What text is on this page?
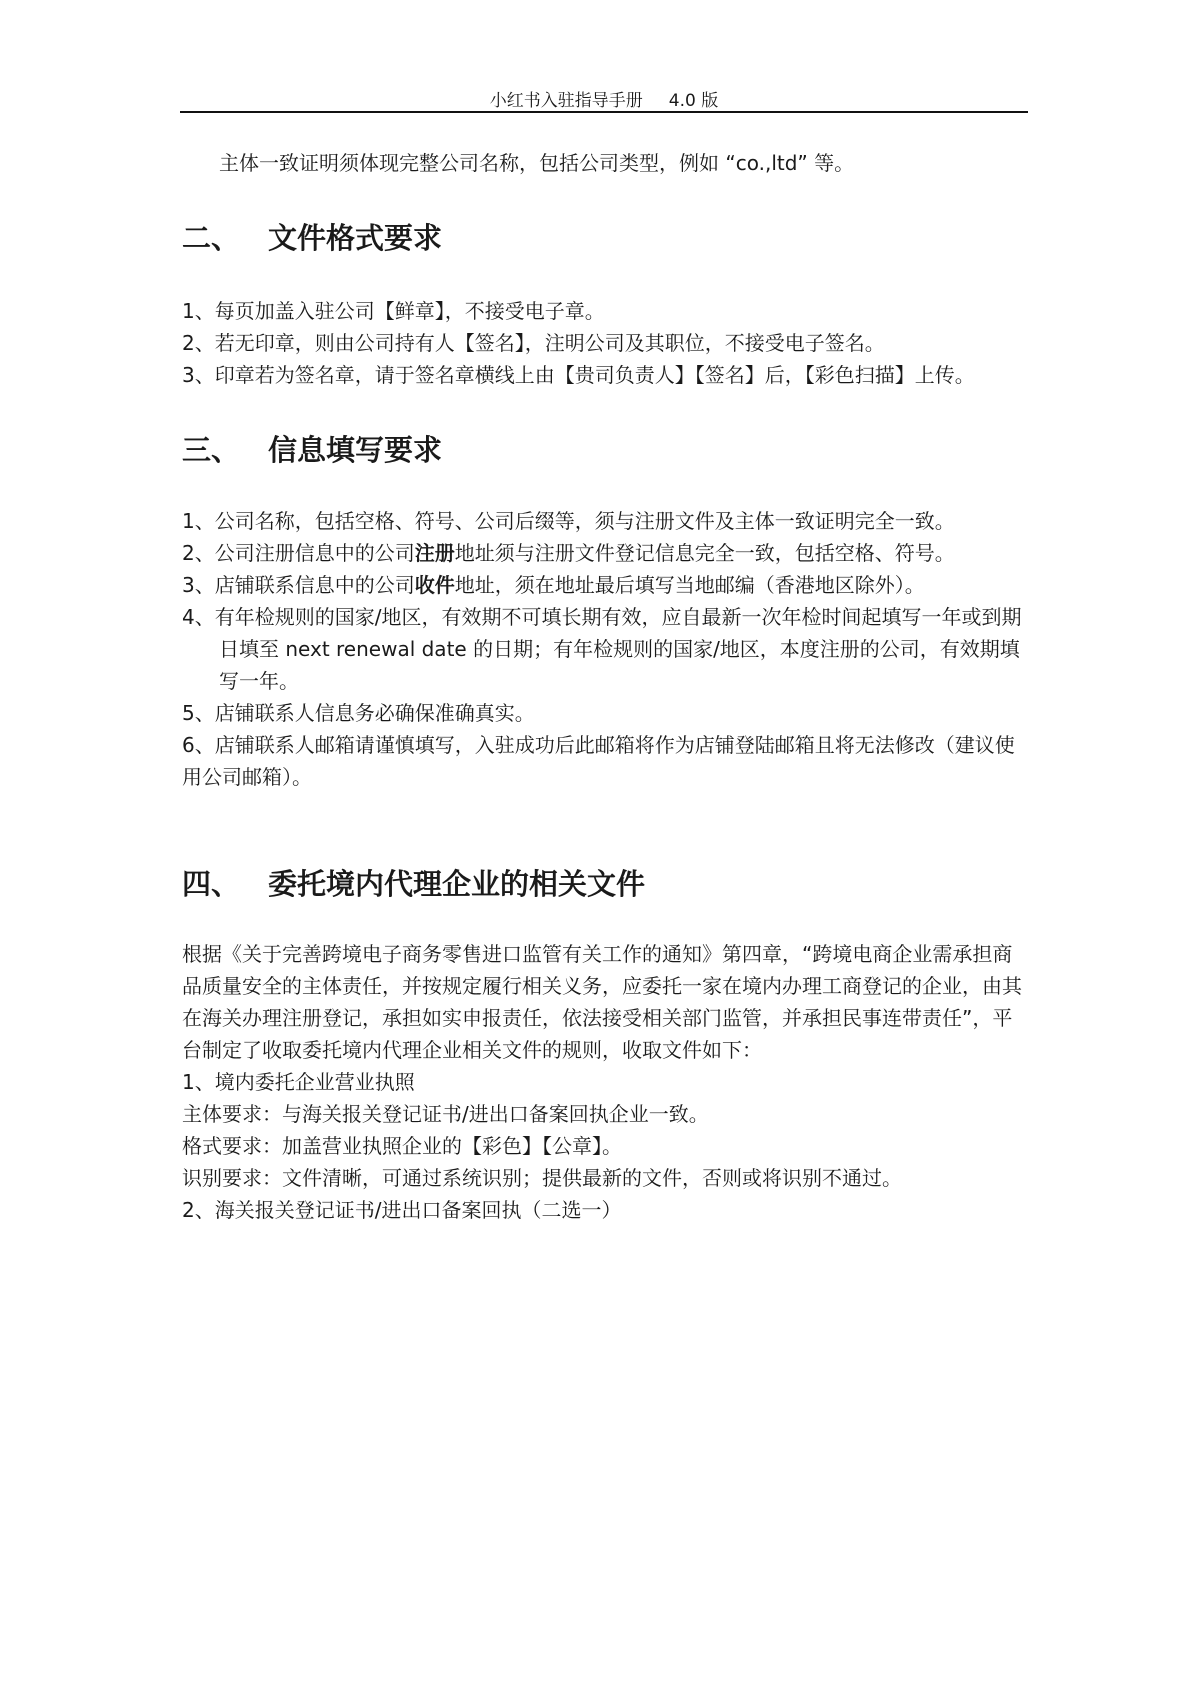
小红书入驻指导手册 4.0 版
主体一致证明须体现完整公司名称，包括公司类型，例如 “co.,ltd” 等。
二、 文件格式要求

1、每页加盖入驻公司【鲜章】，不接受电子章。

2、若无印章，则由公司持有人【签名】，注明公司及其职位，不接受电子签名。

3、印章若为签名章，请于签名章横线上由【贵司负责人】【签名】后，【彩色扫描】上传。

三、 信息填写要求

1、公司名称，包括空格、符号、公司后缀等，须与注册文件及主体一致证明完全一致。

2、公司注册信息中的公司注册地址须与注册文件登记信息完全一致，包括空格、符号。

3、店铺联系信息中的公司收件地址，须在地址最后填写当地邮编（香港地区除外）。

4、有年检规则的国家/地区，有效期不可填长期有效，应自最新一次年检时间起填写一年或到期日填至 next renewal date 的日期；有年检规则的国家/地区，本度注册的公司，有效期填写一年。

5、店铺联系人信息务必确保准确真实。

6、店铺联系人邮箱请谨慎填写，入驻成功后此邮箱将作为店铺登陆邮箱且将无法修改（建议使用公司邮箱）。

四、 委托境内代理企业的相关文件

根据《关于完善跨境电子商务零售进口监管有关工作的通知》第四章，“跨境电商企业需承担商品质量安全的主体责任，并按规定履行相关义务，应委托一家在境内办理工商登记的企业，由其在海关办理注册登记，承担如实申报责任，依法接受相关部门监管，并承担民事连带责任”，平台制定了收取委托境内代理企业相关文件的规则，收取文件如下：

1、境内委托企业营业执照

主体要求：与海关报关登记证书/进出口备案回执企业一致。

格式要求：加盖营业执照企业的【彩色】【公章】。

识别要求：文件清晰，可通过系统识别；提供最新的文件，否则或将识别不通过。

2、海关报关登记证书/进出口备案回执（二选一）
